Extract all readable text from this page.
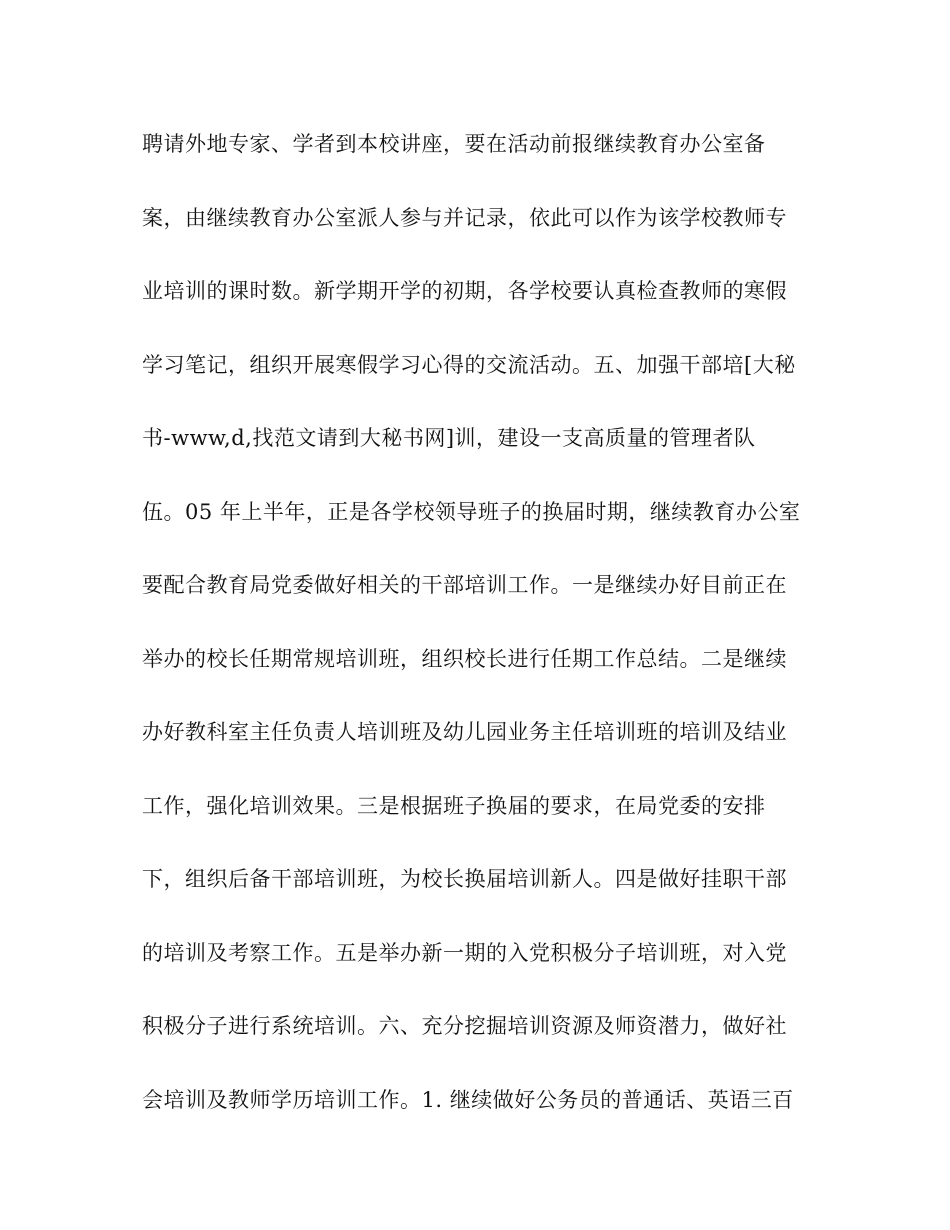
聘请外地专家、学者到本校讲座，要在活动前报继续教育办公室备
案，由继续教育办公室派人参与并记录，依此可以作为该学校教师专
业培训的课时数。新学期开学的初期，各学校要认真检查教师的寒假
学习笔记，组织开展寒假学习心得的交流活动。五、加强干部培[大秘
书-www,d,找范文请到大秘书网]训，建设一支高质量的管理者队
伍。05 年上半年，正是各学校领导班子的换届时期，继续教育办公室
要配合教育局党委做好相关的干部培训工作。一是继续办好目前正在
举办的校长任期常规培训班，组织校长进行任期工作总结。二是继续
办好教科室主任负责人培训班及幼儿园业务主任培训班的培训及结业
工作，强化培训效果。三是根据班子换届的要求，在局党委的安排
下，组织后备干部培训班，为校长换届培训新人。四是做好挂职干部
的培训及考察工作。五是举办新一期的入党积极分子培训班，对入党
积极分子进行系统培训。六、充分挖掘培训资源及师资潜力，做好社
会培训及教师学历培训工作。1. 继续做好公务员的普通话、英语三百
